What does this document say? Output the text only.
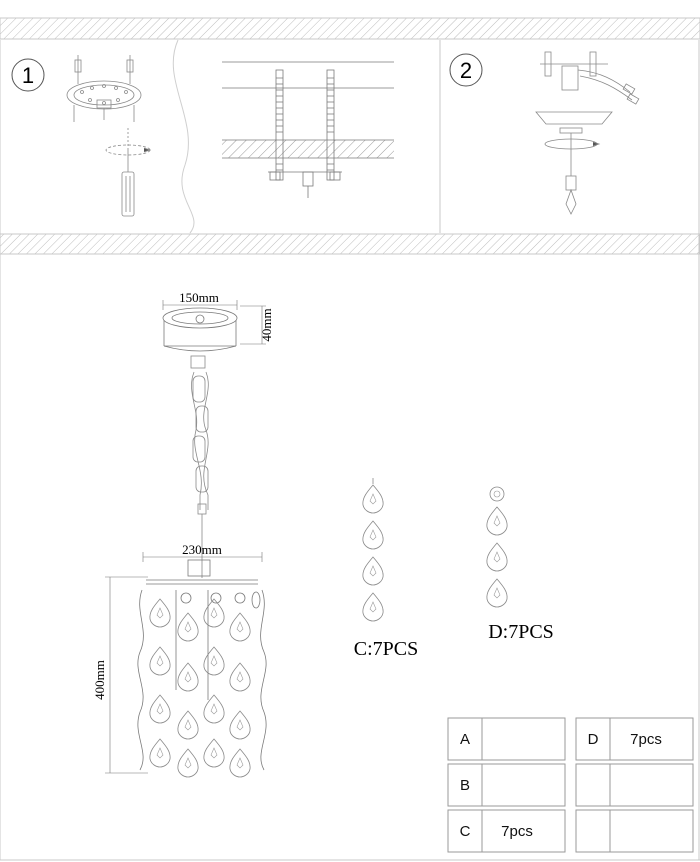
1	2
150mm
40mm
230mm
400mm
C:7PCS
D:7PCS
A	D 7pcs
B
C 7pcs
